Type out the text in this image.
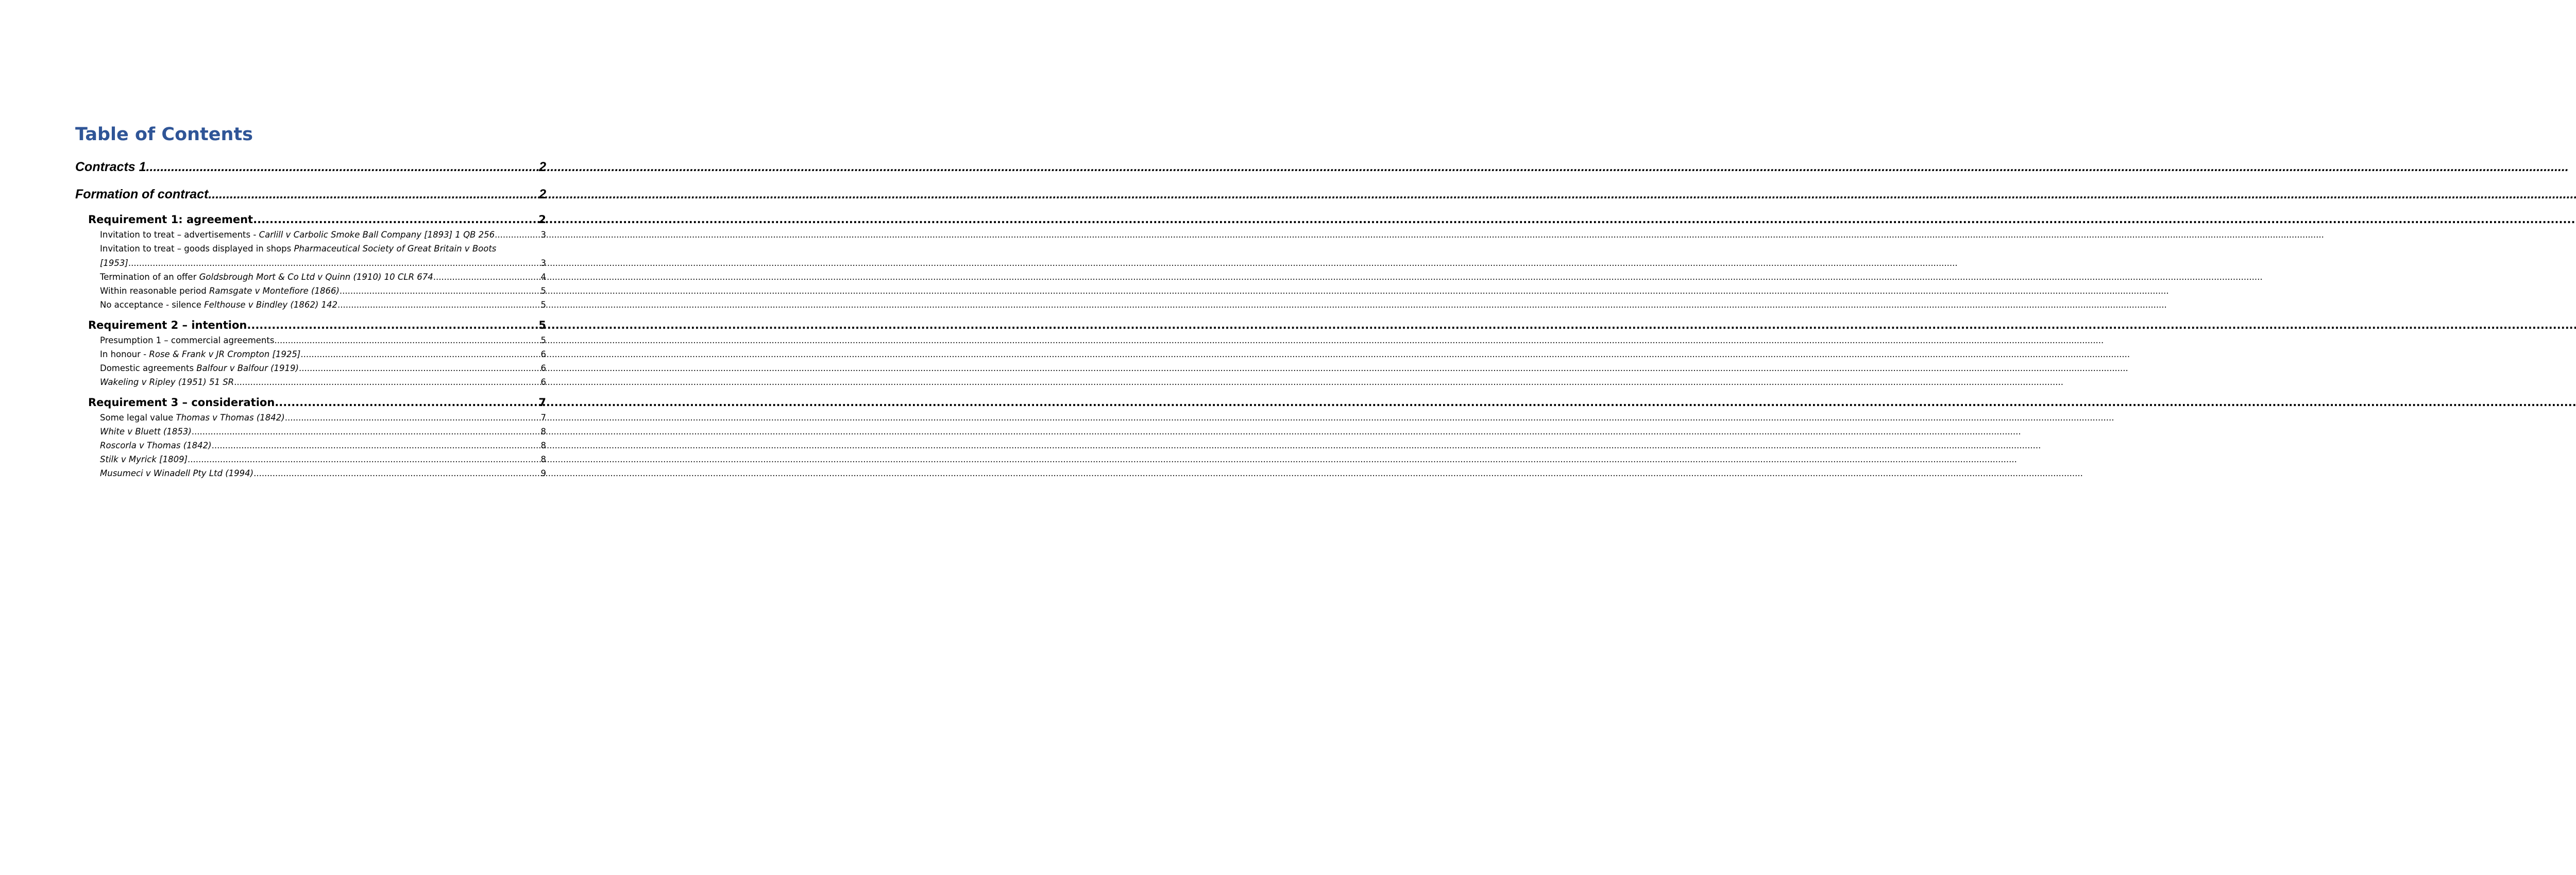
Table of Contents
Contracts 1 .....	2
Formation of contract .....	2
Requirement 1: agreement .....	2
Invitation to treat – advertisements - Carlill v Carbolic Smoke Ball Company [1893] 1 QB 256 .....	3
Invitation to treat – goods displayed in shops Pharmaceutical Society of Great Britain v Boots
[1953] .....	3
Termination of an offer Goldsbrough Mort & Co Ltd v Quinn (1910) 10 CLR 674 .....	4
Within reasonable period Ramsgate v Montefiore (1866) .....	5
No acceptance - silence Felthouse v Bindley (1862) 142 .....	5
Requirement 2 – intention .....	5
Presumption 1 – commercial agreements .....	5
In honour - Rose & Frank v JR Crompton [1925] .....	6
Domestic agreements Balfour v Balfour (1919) .....	6
Wakeling v Ripley (1951) 51 SR .....	6
Requirement 3 – consideration .....	7
Some legal value Thomas v Thomas (1842) .....	7
White v Bluett (1853) .....	8
Roscorla v Thomas (1842) .....	8
Stilk v Myrick [1809] .....	8
Musumeci v Winadell Pty Ltd (1994) .....	9
